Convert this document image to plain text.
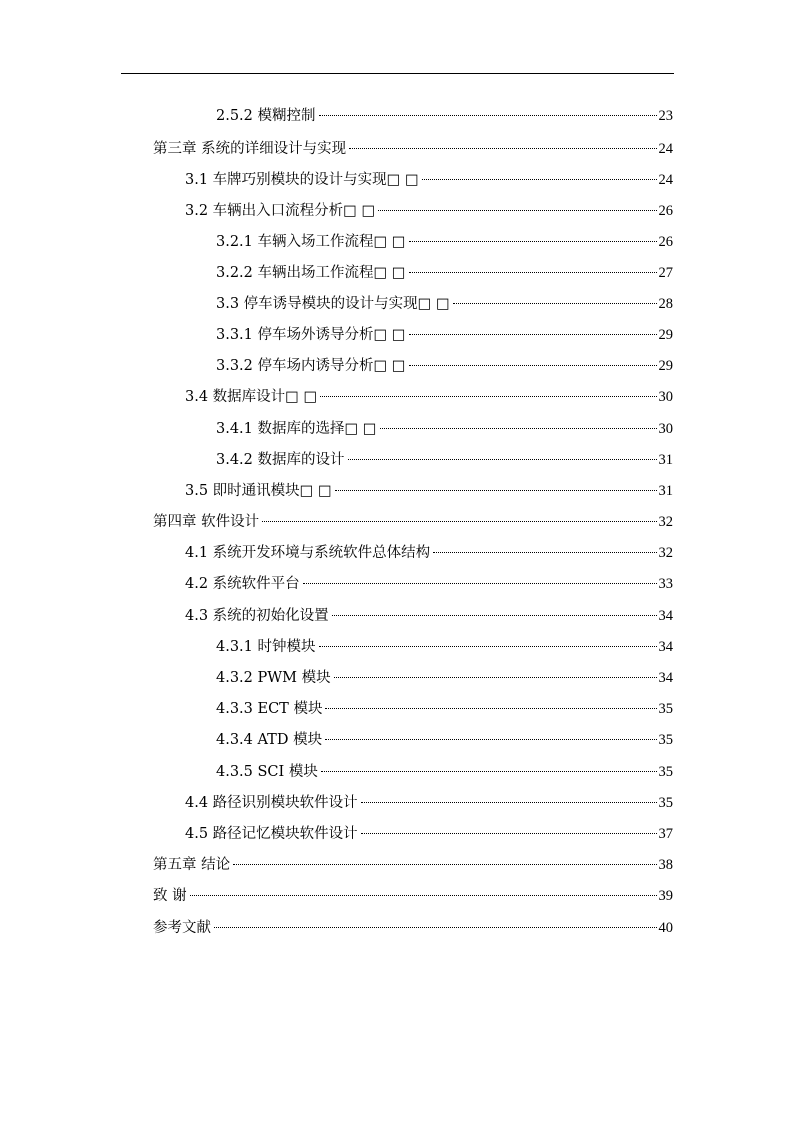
2.5.2 模糊控制	23
第三章 系统的详细设计与实现	24
3.1 车牌巧别模块的设计与实现□ □	24
3.2 车辆出入口流程分析□ □	26
3.2.1 车辆入场工作流程□ □	26
3.2.2 车辆出场工作流程□ □	27
3.3 停车诱导模块的设计与实现□ □	28
3.3.1 停车场外诱导分析□ □	29
3.3.2 停车场内诱导分析□ □	29
3.4 数据库设计□ □	30
3.4.1 数据库的选择□ □	30
3.4.2 数据库的设计	31
3.5 即时通讯模块□ □	31
第四章 软件设计	32
4.1 系统开发环境与系统软件总体结构	32
4.2 系统软件平台	33
4.3 系统的初始化设置	34
4.3.1 时钟模块	34
4.3.2 PWM 模块	34
4.3.3 ECT 模块	35
4.3.4 ATD 模块	35
4.3.5 SCI 模块	35
4.4 路径识别模块软件设计	35
4.5 路径记忆模块软件设计	37
第五章 结论	38
致 谢	39
参考文献	40
